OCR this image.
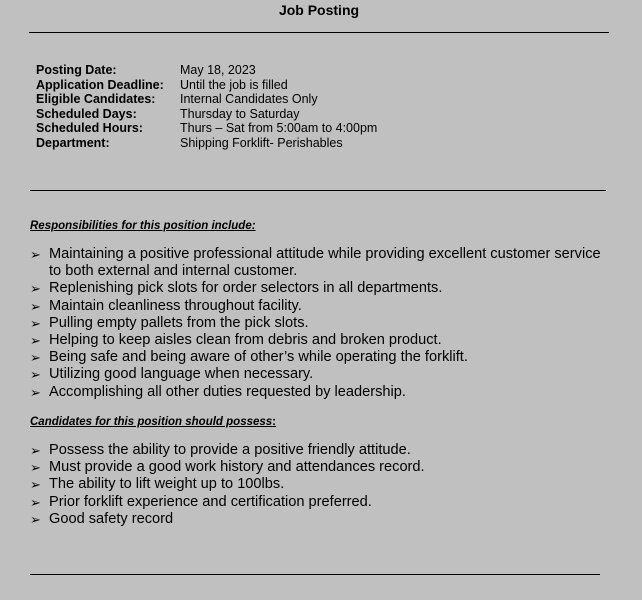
Job Posting
Posting Date:	May 18, 2023
Application Deadline:	Until the job is filled
Eligible Candidates:	Internal Candidates Only
Scheduled Days:	Thursday to Saturday
Scheduled Hours:	Thurs – Sat from 5:00am to 4:00pm
Department:	Shipping Forklift- Perishables
Responsibilities for this position include:
➢ Maintaining a positive professional attitude while providing excellent customer service to both external and internal customer.
➢ Replenishing pick slots for order selectors in all departments.
➢ Maintain cleanliness throughout facility.
➢ Pulling empty pallets from the pick slots.
➢ Helping to keep aisles clean from debris and broken product.
➢ Being safe and being aware of other’s while operating the forklift.
➢ Utilizing good language when necessary.
➢ Accomplishing all other duties requested by leadership.
Candidates for this position should possess:
➢ Possess the ability to provide a positive friendly attitude.
➢ Must provide a good work history and attendances record.
➢ The ability to lift weight up to 100lbs.
➢ Prior forklift experience and certification preferred.
➢ Good safety record
